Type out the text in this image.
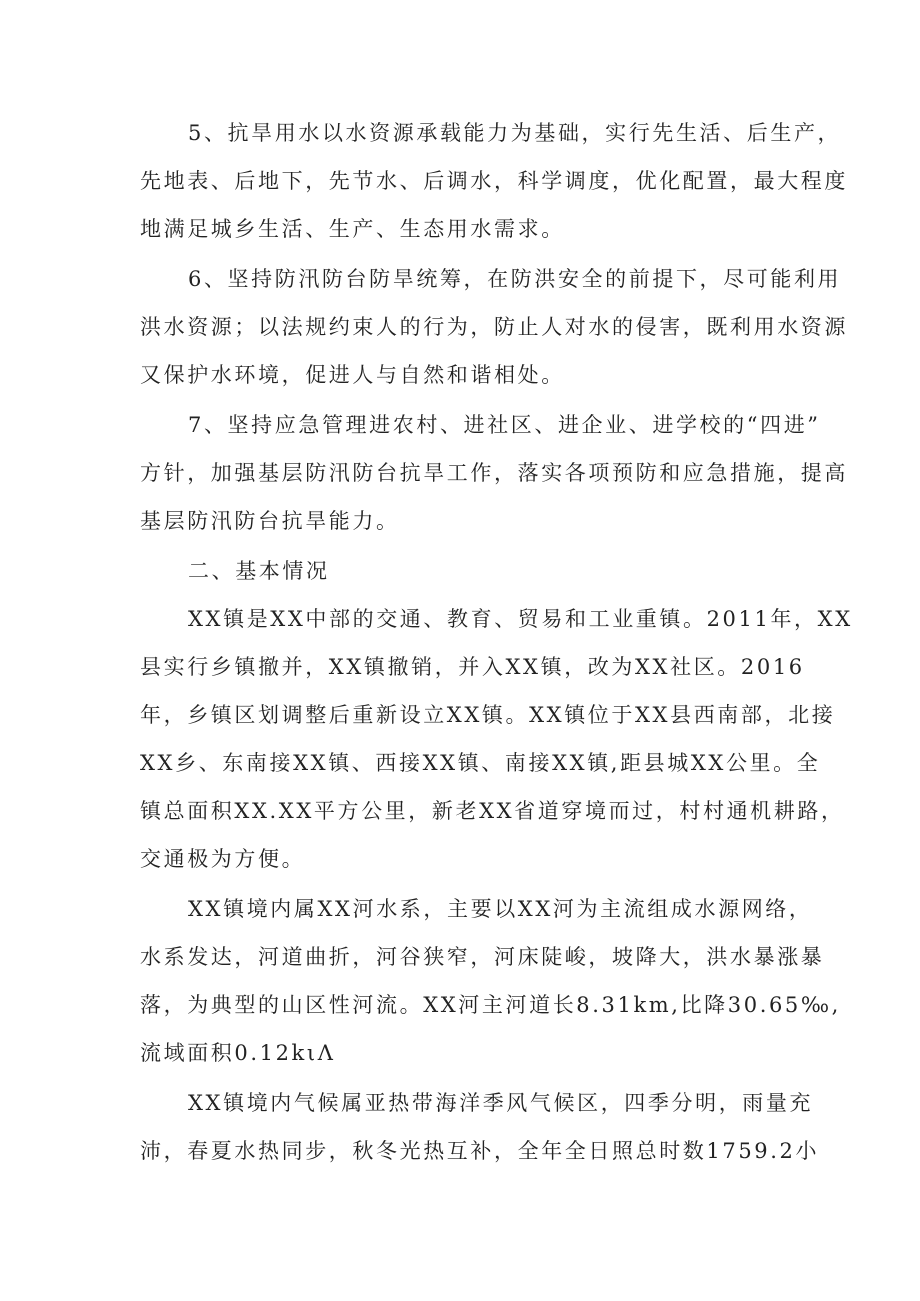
5、抗旱用水以水资源承载能力为基础，实行先生活、后生产，
先地表、后地下，先节水、后调水，科学调度，优化配置，最大程度
地满足城乡生活、生产、生态用水需求。
6、坚持防汛防台防旱统筹，在防洪安全的前提下，尽可能利用
洪水资源；以法规约束人的行为，防止人对水的侵害，既利用水资源
又保护水环境，促进人与自然和谐相处。
7、坚持应急管理进农村、进社区、进企业、进学校的“四进”
方针，加强基层防汛防台抗旱工作，落实各项预防和应急措施，提高
基层防汛防台抗旱能力。
二、基本情况
XX镇是XX中部的交通、教育、贸易和工业重镇。2011年，XX
县实行乡镇撤并，XX镇撤销，并入XX镇，改为XX社区。2016
年，乡镇区划调整后重新设立XX镇。XX镇位于XX县西南部，北接
XX乡、东南接XX镇、西接XX镇、南接XX镇,距县城XX公里。全
镇总面积XX.XX平方公里，新老XX省道穿境而过，村村通机耕路，
交通极为方便。
XX镇境内属XX河水系，主要以XX河为主流组成水源网络，
水系发达，河道曲折，河谷狭窄，河床陡峻，坡降大，洪水暴涨暴
落，为典型的山区性河流。XX河主河道长8.31km,比降30.65‰,
流域面积0.12kιΛ
XX镇境内气候属亚热带海洋季风气候区，四季分明，雨量充
沛，春夏水热同步，秋冬光热互补，全年全日照总时数1759.2小
